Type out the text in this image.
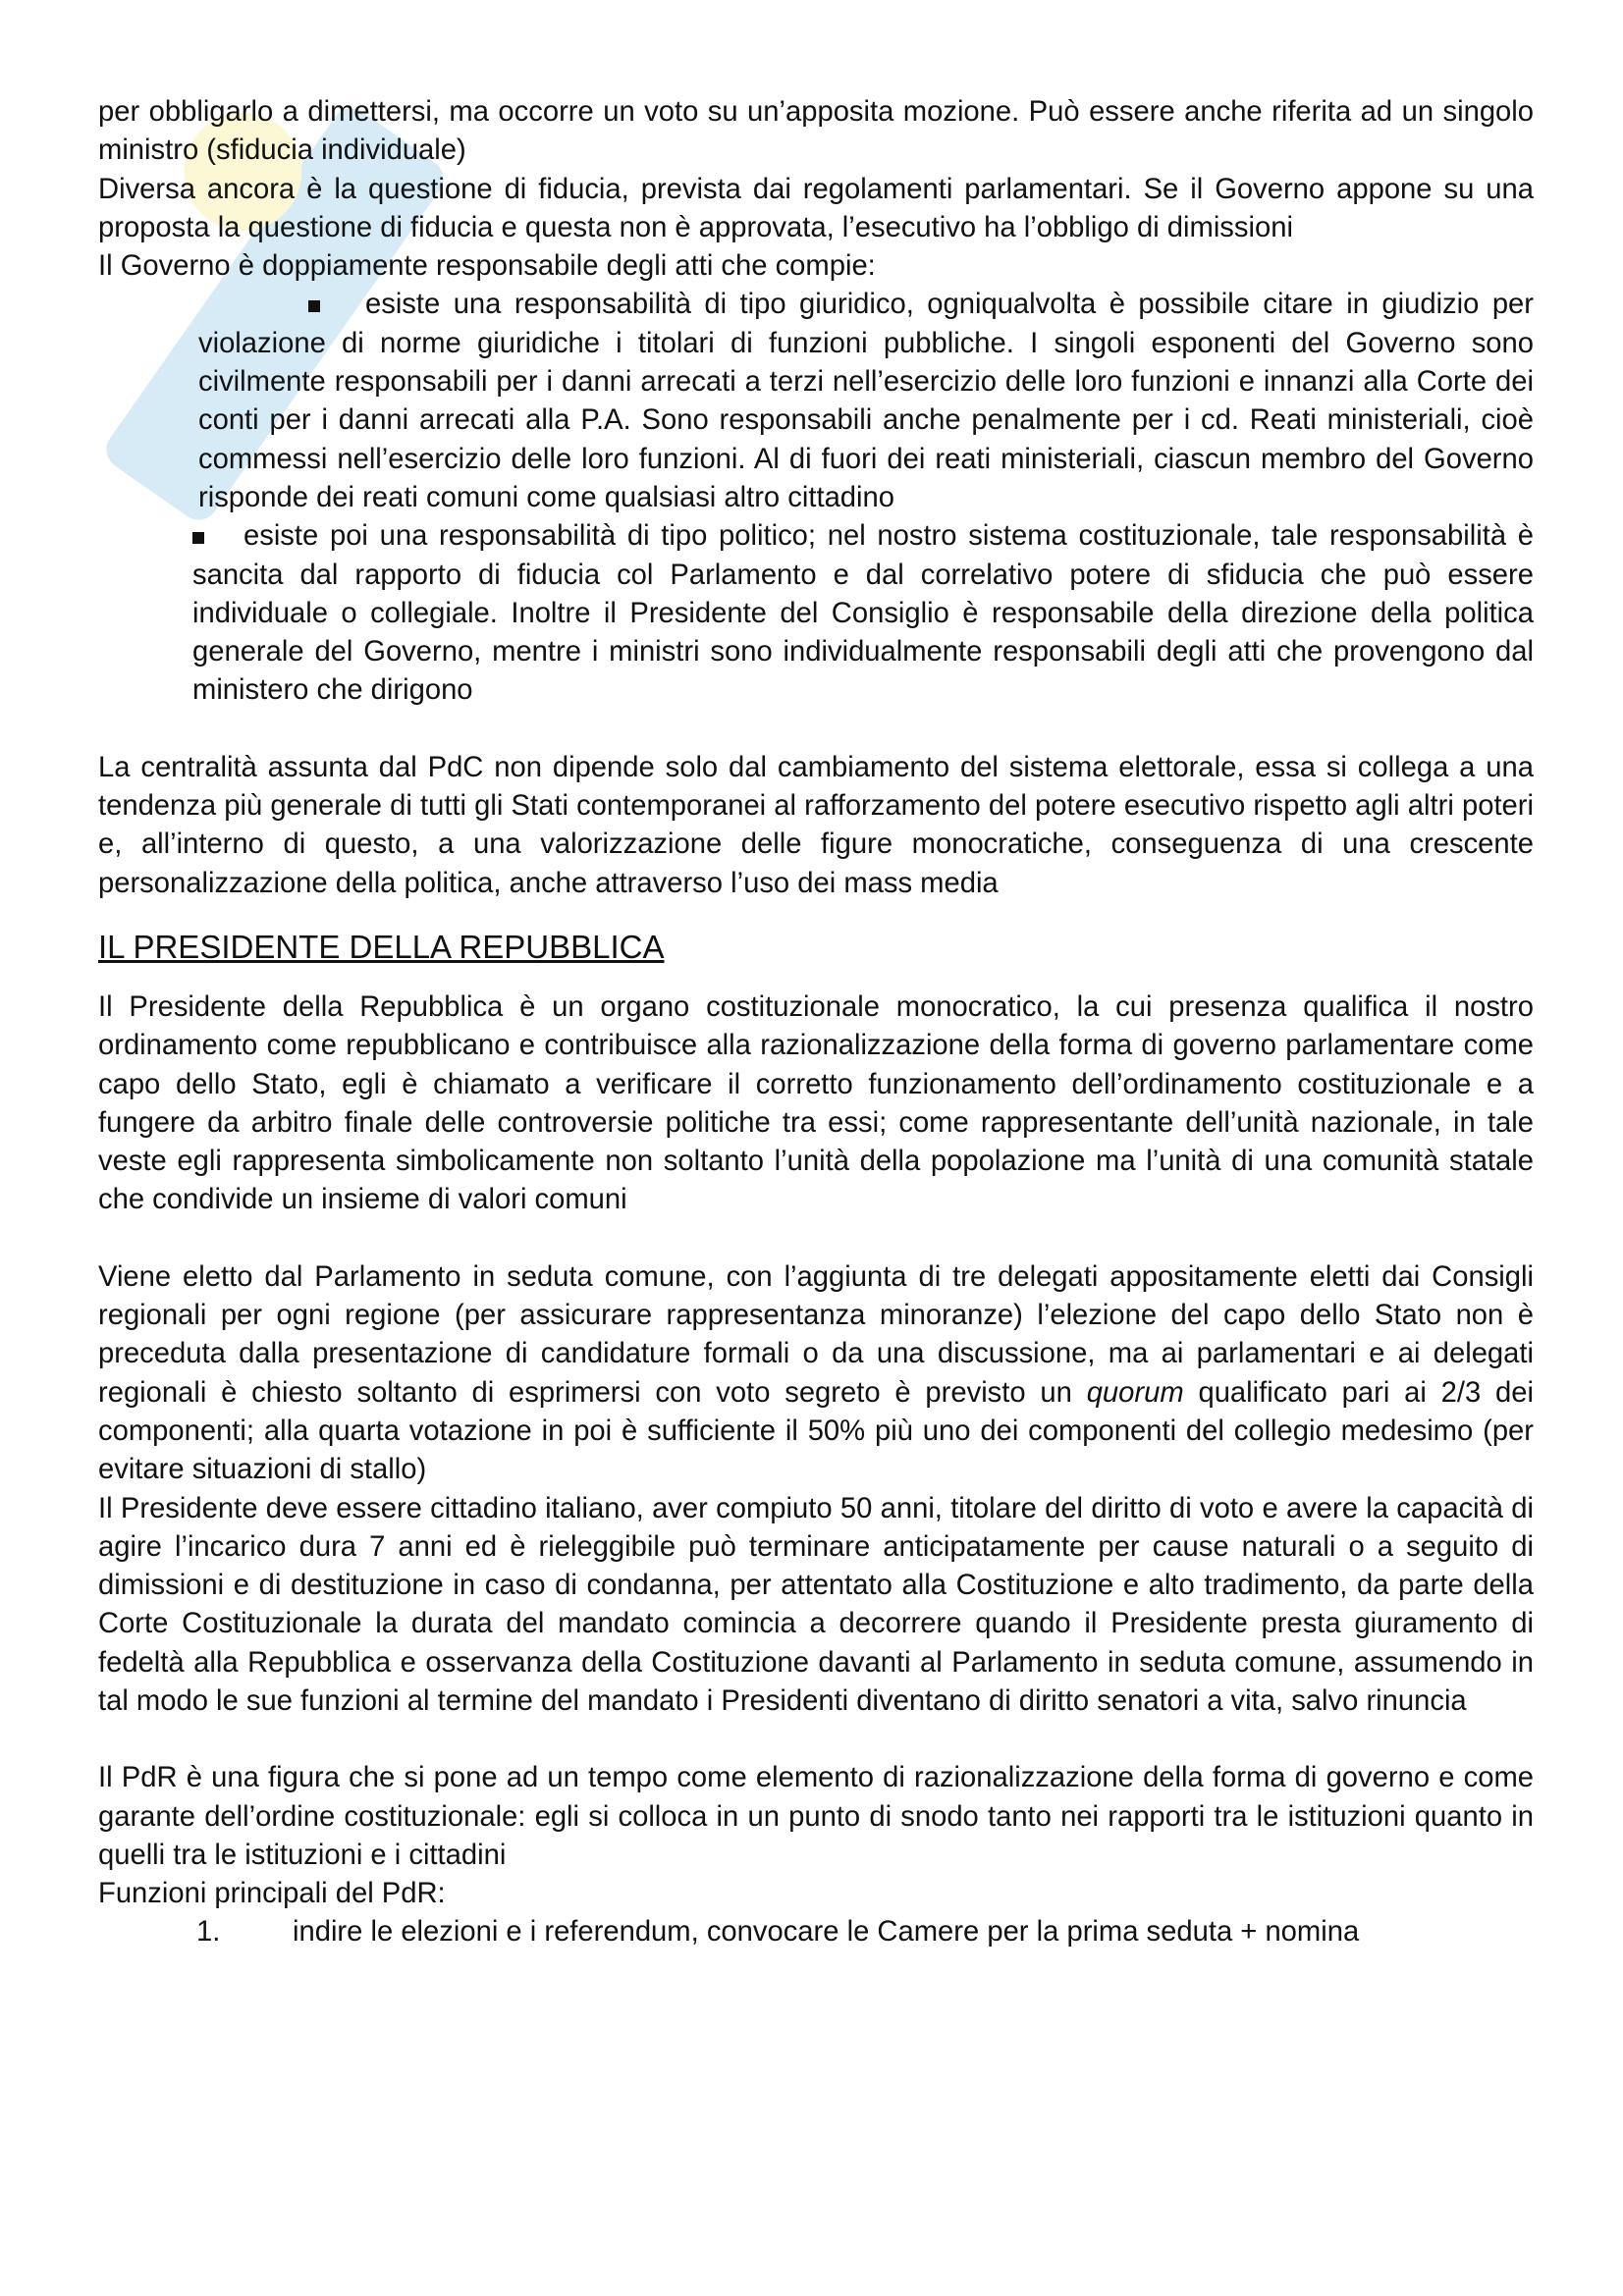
per obbligarlo a dimettersi, ma occorre un voto su un’apposita mozione. Può essere anche riferita ad un singolo ministro (sfiducia individuale)

Diversa ancora è la questione di fiducia, prevista dai regolamenti parlamentari. Se il Governo appone su una proposta la questione di fiducia e questa non è approvata, l’esecutivo ha l’obbligo di dimissioni

Il Governo è doppiamente responsabile degli atti che compie:

esiste una responsabilità di tipo giuridico, ogniqualvolta è possibile citare in giudizio per violazione di norme giuridiche i titolari di funzioni pubbliche. I singoli esponenti del Governo sono civilmente responsabili per i danni arrecati a terzi nell’esercizio delle loro funzioni e innanzi alla Corte dei conti per i danni arrecati alla P.A. Sono responsabili anche penalmente per i cd. Reati ministeriali, cioè commessi nell’esercizio delle loro funzioni. Al di fuori dei reati ministeriali, ciascun membro del Governo risponde dei reati comuni come qualsiasi altro cittadino
esiste poi una responsabilità di tipo politico; nel nostro sistema costituzionale, tale responsabilità è sancita dal rapporto di fiducia col Parlamento e dal correlativo potere di sfiducia che può essere individuale o collegiale. Inoltre il Presidente del Consiglio è responsabile della direzione della politica generale del Governo, mentre i ministri sono individualmente responsabili degli atti che provengono dal ministero che dirigono

La centralità assunta dal PdC non dipende solo dal cambiamento del sistema elettorale, essa si collega a una tendenza più generale di tutti gli Stati contemporanei al rafforzamento del potere esecutivo rispetto agli altri poteri e, all’interno di questo, a una valorizzazione delle figure monocratiche, conseguenza di una crescente personalizzazione della politica, anche attraverso l’uso dei mass media

IL PRESIDENTE DELLA REPUBBLICA

Il Presidente della Repubblica è un organo costituzionale monocratico, la cui presenza qualifica il nostro ordinamento come repubblicano e contribuisce alla razionalizzazione della forma di governo parlamentare come capo dello Stato, egli è chiamato a verificare il corretto funzionamento dell’ordinamento costituzionale e a fungere da arbitro finale delle controversie politiche tra essi; come rappresentante dell’unità nazionale, in tale veste egli rappresenta simbolicamente non soltanto l’unità della popolazione ma l’unità di una comunità statale che condivide un insieme di valori comuni

Viene eletto dal Parlamento in seduta comune, con l’aggiunta di tre delegati appositamente eletti dai Consigli regionali per ogni regione (per assicurare rappresentanza minoranze) l’elezione del capo dello Stato non è preceduta dalla presentazione di candidature formali o da una discussione, ma ai parlamentari e ai delegati regionali è chiesto soltanto di esprimersi con voto segreto è previsto un quorum qualificato pari ai 2/3 dei componenti; alla quarta votazione in poi è sufficiente il 50% più uno dei componenti del collegio medesimo (per evitare situazioni di stallo)

Il Presidente deve essere cittadino italiano, aver compiuto 50 anni, titolare del diritto di voto e avere la capacità di agire l’incarico dura 7 anni ed è rieleggibile può terminare anticipatamente per cause naturali o a seguito di dimissioni e di destituzione in caso di condanna, per attentato alla Costituzione e alto tradimento, da parte della Corte Costituzionale la durata del mandato comincia a decorrere quando il Presidente presta giuramento di fedeltà alla Repubblica e osservanza della Costituzione davanti al Parlamento in seduta comune, assumendo in tal modo le sue funzioni al termine del mandato i Presidenti diventano di diritto senatori a vita, salvo rinuncia

Il PdR è una figura che si pone ad un tempo come elemento di razionalizzazione della forma di governo e come garante dell’ordine costituzionale: egli si colloca in un punto di snodo tanto nei rapporti tra le istituzioni quanto in quelli tra le istituzioni e i cittadini

Funzioni principali del PdR:

1.	indire le elezioni e i referendum, convocare le Camere per la prima seduta + nomina
